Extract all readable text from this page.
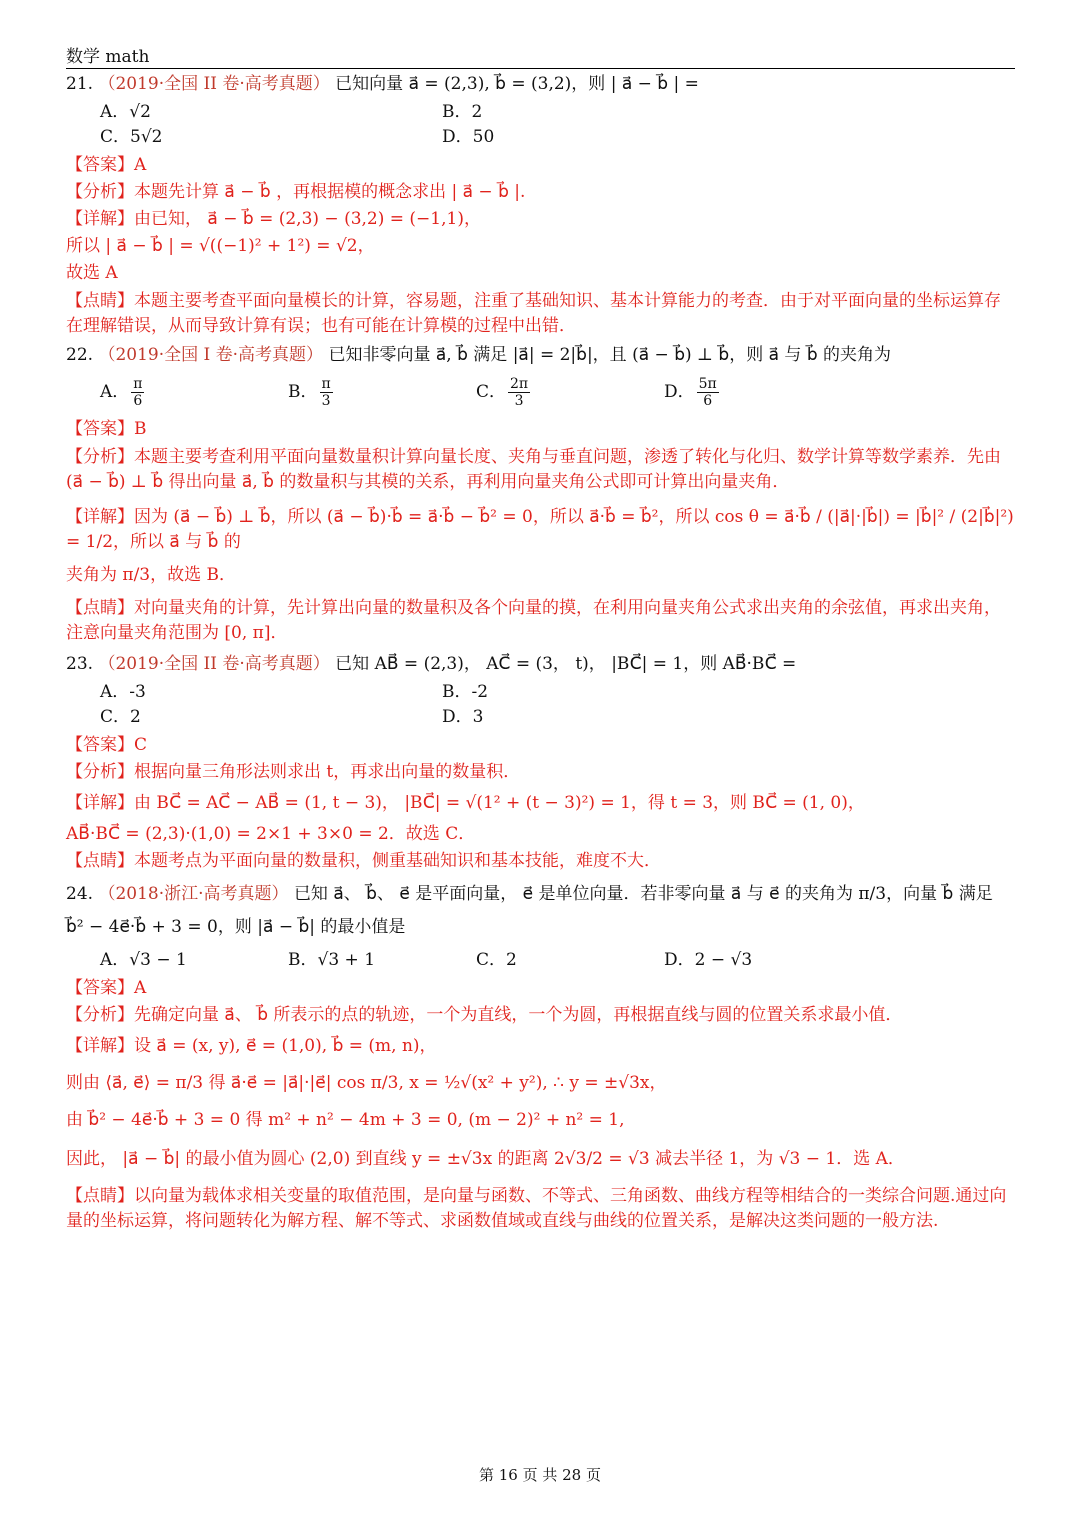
数学 math

21. （2019·全国 II 卷·高考真题） 已知向量 a⃗ = (2,3), b⃗ = (3,2)，则 | a⃗ − b⃗ | =

A．√2	B．2
C．5√2	D．50
【答案】A
【分析】本题先计算 a⃗ − b⃗ ，再根据模的概念求出 | a⃗ − b⃗ |.
【详解】由已知， a⃗ − b⃗ = (2,3) − (3,2) = (−1,1)，
所以 | a⃗ − b⃗ | = √((−1)² + 1²) = √2，
故选 A
【点睛】本题主要考查平面向量模长的计算，容易题，注重了基础知识、基本计算能力的考查．由于对平面向量的坐标运算存在理解错误，从而导致计算有误；也有可能在计算模的过程中出错．

22. （2019·全国 I 卷·高考真题） 已知非零向量 a⃗, b⃗ 满足 |a⃗| = 2|b⃗|，且 (a⃗ − b⃗) ⊥ b⃗，则 a⃗ 与 b⃗ 的夹角为

A． $\frac{\pi}{6}$	B． $\frac{\pi}{3}$	C． $\frac{2\pi}{3}$	D． $\frac{5\pi}{6}$
【答案】B
【分析】本题主要考查利用平面向量数量积计算向量长度、夹角与垂直问题，渗透了转化与化归、数学计算等数学素养．先由 (a⃗ − b⃗) ⊥ b⃗ 得出向量 a⃗, b⃗ 的数量积与其模的关系，再利用向量夹角公式即可计算出向量夹角．
【详解】因为 (a⃗ − b⃗) ⊥ b⃗，所以 (a⃗ − b⃗)·b⃗ = a⃗·b⃗ − b⃗² = 0，所以 a⃗·b⃗ = b⃗²，所以 cos θ = a⃗·b⃗ / (|a⃗|·|b⃗|) = |b⃗|² / (2|b⃗|²) = 1/2，所以 a⃗ 与 b⃗ 的
夹角为 π/3，故选 B．
【点睛】对向量夹角的计算，先计算出向量的数量积及各个向量的摸，在利用向量夹角公式求出夹角的余弦值，再求出夹角，注意向量夹角范围为 [0, π]．

23. （2019·全国 II 卷·高考真题） 已知 AB⃗ = (2,3)， AC⃗ = (3， t)， |BC⃗| = 1，则 AB⃗·BC⃗ =

A．-3	B．-2
C．2	D．3
【答案】C
【分析】根据向量三角形法则求出 t，再求出向量的数量积．
【详解】由 BC⃗ = AC⃗ − AB⃗ = (1, t − 3)， |BC⃗| = √(1² + (t − 3)²) = 1，得 t = 3，则 BC⃗ = (1, 0)，
AB⃗·BC⃗ = (2,3)·(1,0) = 2×1 + 3×0 = 2．故选 C．
【点睛】本题考点为平面向量的数量积，侧重基础知识和基本技能，难度不大．

24. （2018·浙江·高考真题） 已知 a⃗、 b⃗、 e⃗ 是平面向量， e⃗ 是单位向量．若非零向量 a⃗ 与 e⃗ 的夹角为 π/3，向量 b⃗ 满足

b⃗² − 4e⃗·b⃗ + 3 = 0，则 |a⃗ − b⃗| 的最小值是
A．√3 − 1	B．√3 + 1	C．2	D．2 − √3
【答案】A
【分析】先确定向量 a⃗、 b⃗ 所表示的点的轨迹，一个为直线，一个为圆，再根据直线与圆的位置关系求最小值．
【详解】设 a⃗ = (x, y), e⃗ = (1,0), b⃗ = (m, n)，
则由 ⟨a⃗, e⃗⟩ = π/3 得 a⃗·e⃗ = |a⃗|·|e⃗| cos π/3, x = ½√(x² + y²), ∴ y = ±√3x，
由 b⃗² − 4e⃗·b⃗ + 3 = 0 得 m² + n² − 4m + 3 = 0, (m − 2)² + n² = 1,
因此， |a⃗ − b⃗| 的最小值为圆心 (2,0) 到直线 y = ±√3x 的距离 2√3/2 = √3 减去半径 1，为 √3 − 1．选 A．
【点睛】以向量为载体求相关变量的取值范围，是向量与函数、不等式、三角函数、曲线方程等相结合的一类综合问题.通过向量的坐标运算，将问题转化为解方程、解不等式、求函数值域或直线与曲线的位置关系，是解决这类问题的一般方法.
第 16 页 共 28 页
